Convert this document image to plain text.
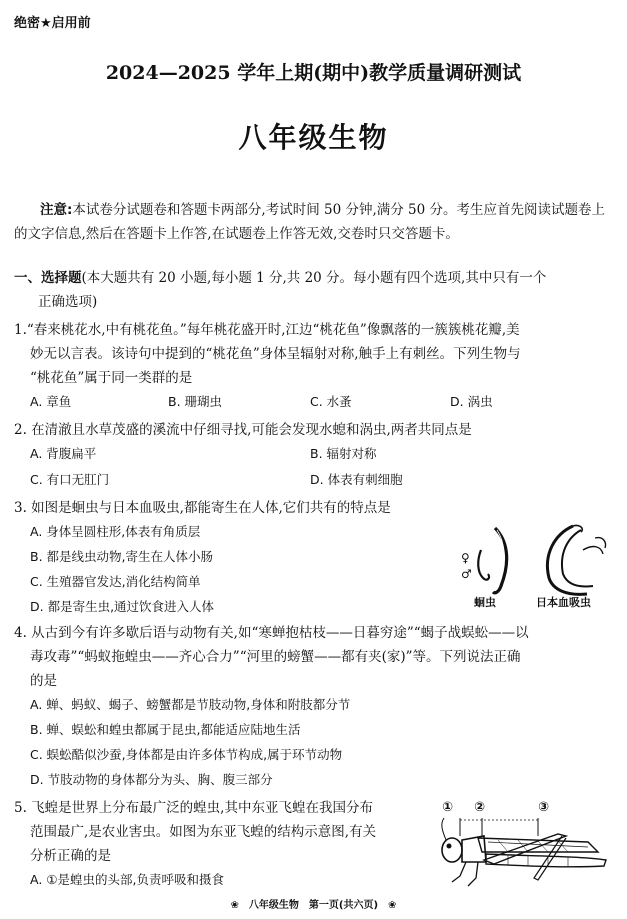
绝密★启用前
2024—2025 学年上期(期中)教学质量调研测试
八年级生物
注意:本试卷分试题卷和答题卡两部分,考试时间 50 分钟,满分 50 分。考生应首先阅读试题卷上的文字信息,然后在答题卡上作答,在试题卷上作答无效,交卷时只交答题卡。
一、选择题(本大题共有 20 小题,每小题 1 分,共 20 分。每小题有四个选项,其中只有一个
正确选项)
1.“春来桃花水,中有桃花鱼。”每年桃花盛开时,江边“桃花鱼”像飘落的一簇簇桃花瓣,美
妙无以言表。该诗句中提到的“桃花鱼”身体呈辐射对称,触手上有刺丝。下列生物与
“桃花鱼”属于同一类群的是
A. 章鱼	B. 珊瑚虫	C. 水蚤	D. 涡虫
2. 在清澈且水草茂盛的溪流中仔细寻找,可能会发现水螅和涡虫,两者共同点是
A. 背腹扁平	B. 辐射对称
C. 有口无肛门	D. 体表有刺细胞
3. 如图是蛔虫与日本血吸虫,都能寄生在人体,它们共有的特点是
A. 身体呈圆柱形,体表有角质层
B. 都是线虫动物,寄生在人体小肠
C. 生殖器官发达,消化结构简单
D. 都是寄生虫,通过饮食进入人体
♀
♂
蛔虫	日本血吸虫
4. 从古到今有许多歇后语与动物有关,如“寒蝉抱枯枝——日暮穷途”“蝎子战蜈蚣——以
毒攻毒”“蚂蚁拖蝗虫——齐心合力”“河里的螃蟹——都有夹(家)”等。下列说法正确
的是
A. 蝉、蚂蚁、蝎子、螃蟹都是节肢动物,身体和附肢都分节
B. 蝉、蜈蚣和蝗虫都属于昆虫,都能适应陆地生活
C. 蜈蚣酷似沙蚕,身体都是由许多体节构成,属于环节动物
D. 节肢动物的身体都分为头、胸、腹三部分
5. 飞蝗是世界上分布最广泛的蝗虫,其中东亚飞蝗在我国分布
范围最广,是农业害虫。如图为东亚飞蝗的结构示意图,有关
分析正确的是
A. ①是蝗虫的头部,负责呼吸和摄食
① ②	③
❀　八年级生物　第一页(共六页)　❀
